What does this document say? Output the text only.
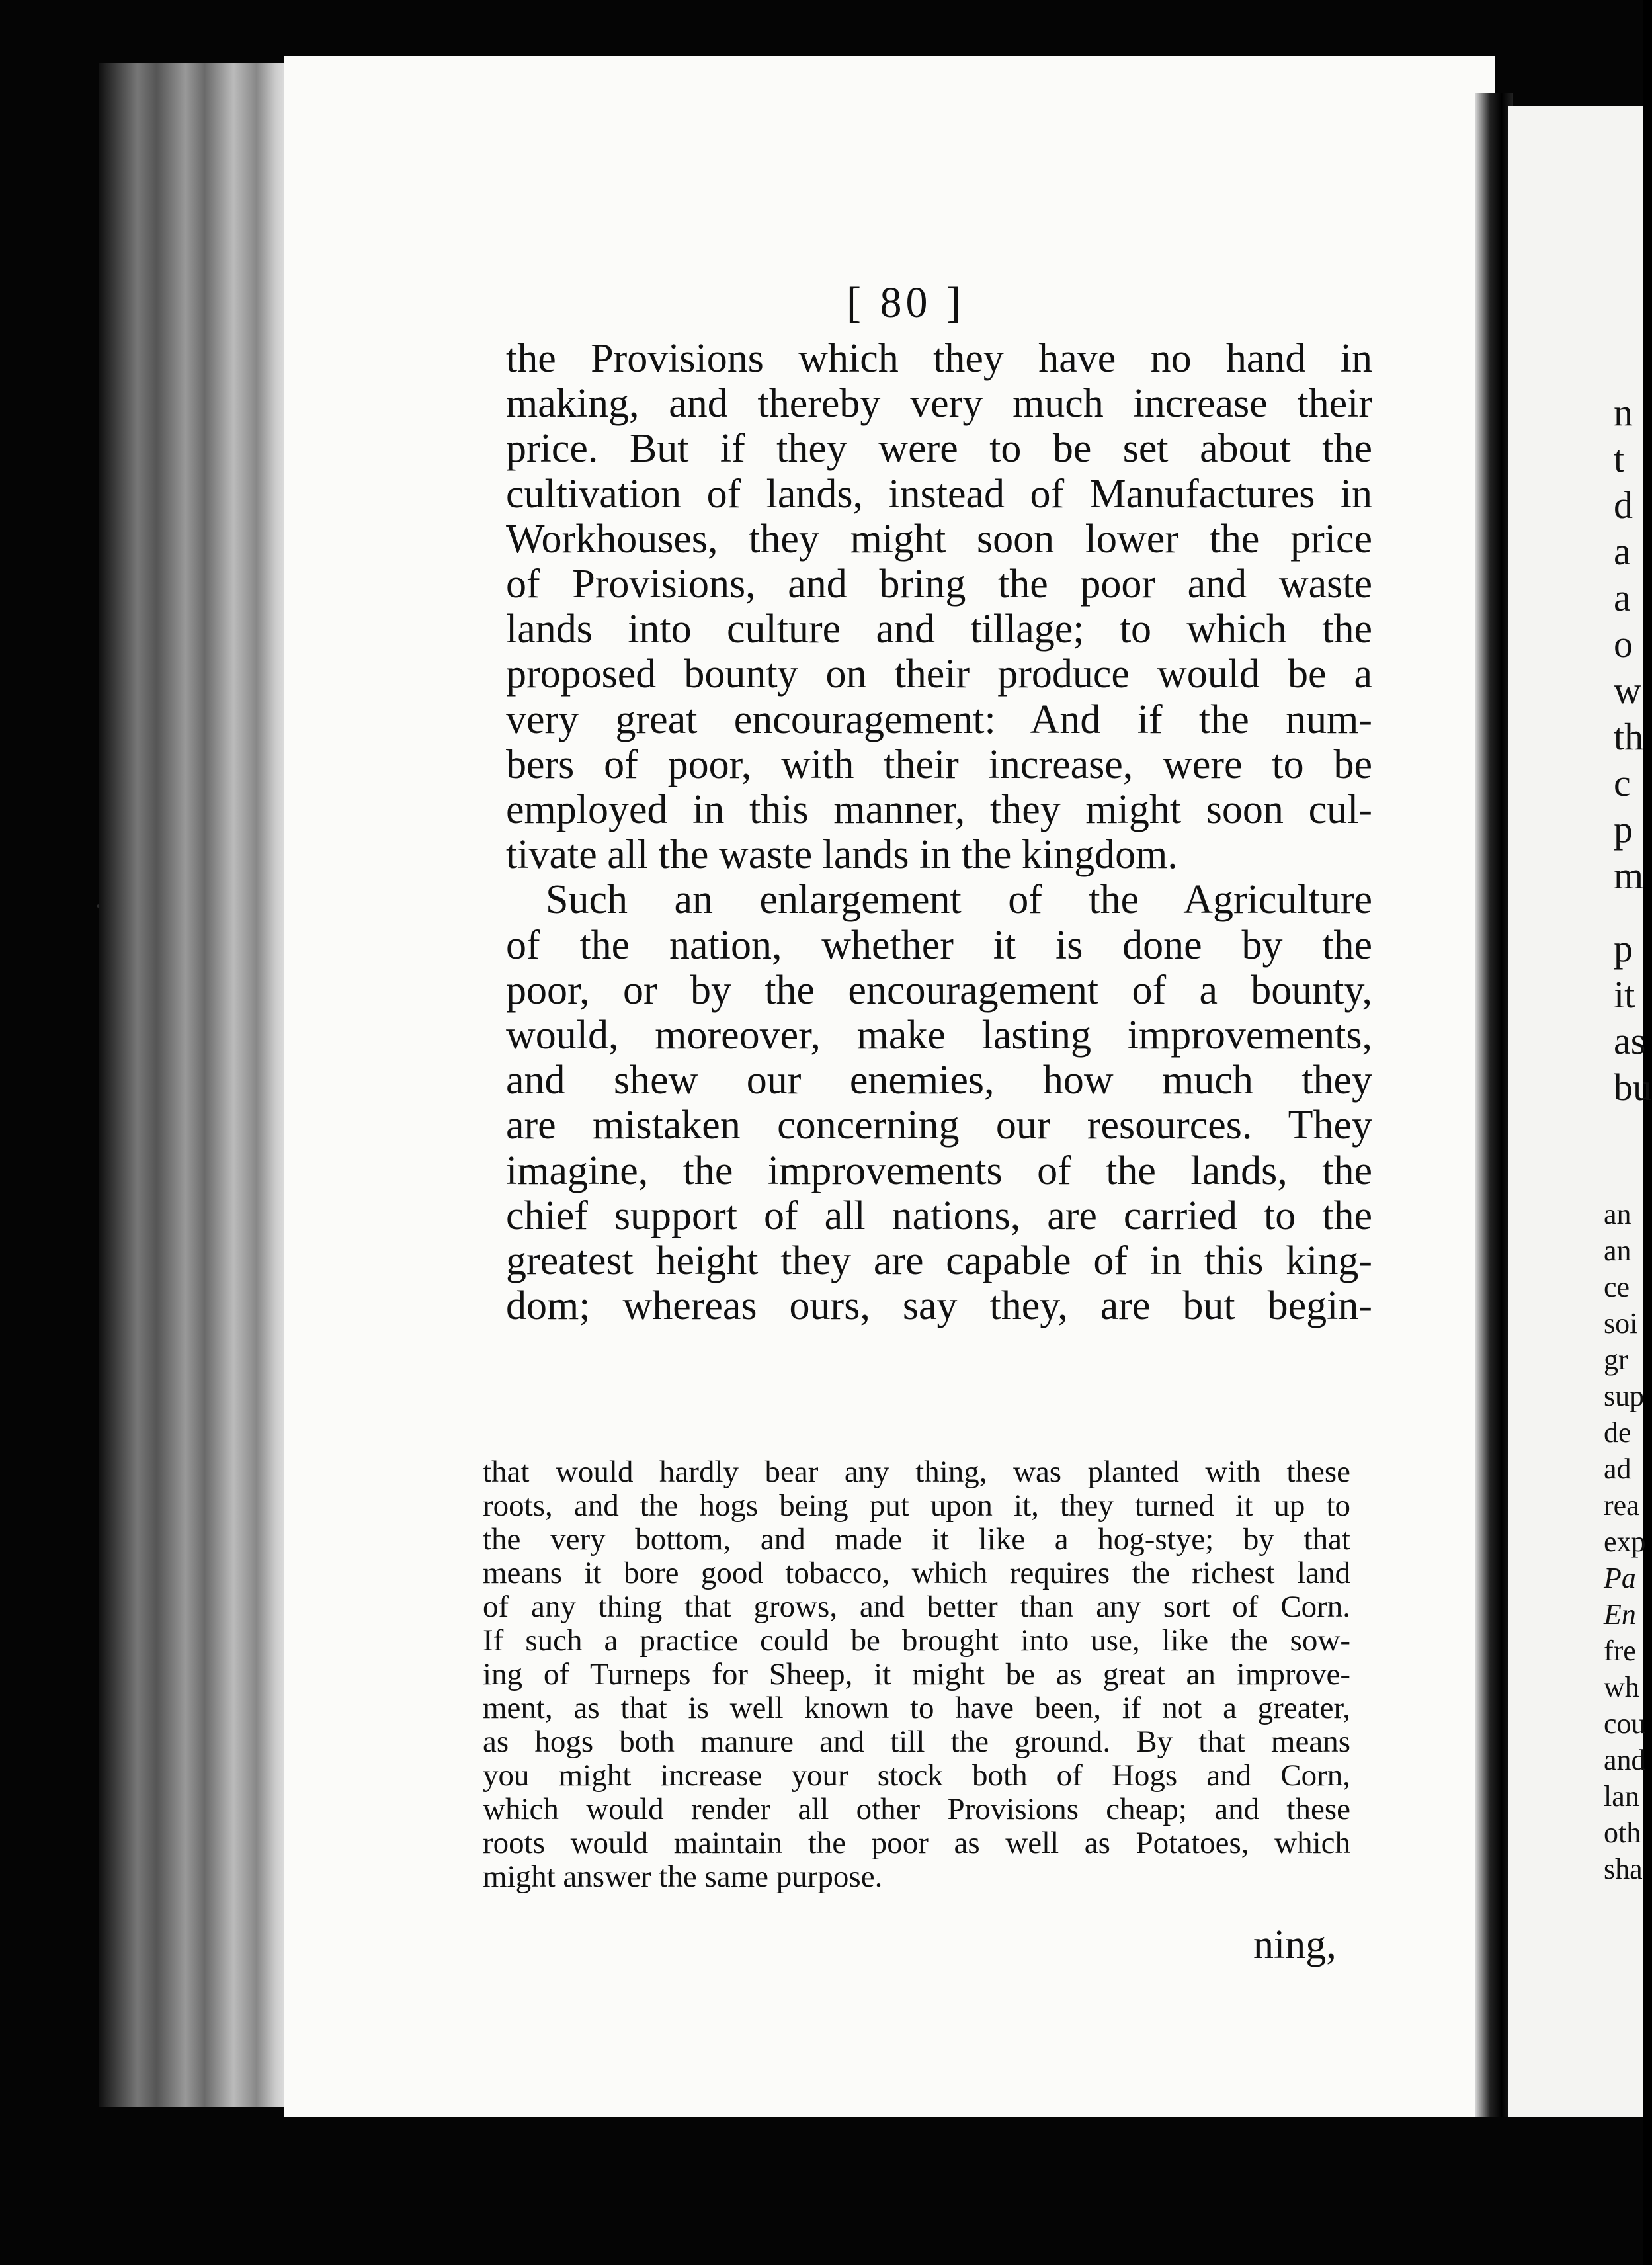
[ 80 ]
the Provisions which they have no hand in
making, and thereby very much increase their
price. But if they were to be set about the
cultivation of lands, instead of Manufactures in
Workhouses, they might soon lower the price
of Provisions, and bring the poor and waste
lands into culture and tillage; to which the
proposed bounty on their produce would be a
very great encouragement: And if the num-
bers of poor, with their increase, were to be
employed in this manner, they might soon cul-
tivate all the waste lands in the kingdom.
Such an enlargement of the Agriculture
of the nation, whether it is done by the
poor, or by the encouragement of a bounty,
would, moreover, make lasting improvements,
and shew our enemies, how much they
are mistaken concerning our resources. They
imagine, the improvements of the lands, the
chief support of all nations, are carried to the
greatest height they are capable of in this king-
dom; whereas ours, say they, are but begin-
that would hardly bear any thing, was planted with these
roots, and the hogs being put upon it, they turned it up to
the very bottom, and made it like a hog-stye; by that
means it bore good tobacco, which requires the richest land
of any thing that grows, and better than any sort of Corn.
If such a practice could be brought into use, like the sow-
ing of Turneps for Sheep, it might be as great an improve-
ment, as that is well known to have been, if not a greater,
as hogs both manure and till the ground. By that means
you might increase your stock both of Hogs and Corn,
which would render all other Provisions cheap; and these
roots would maintain the poor as well as Potatoes, which
might answer the same purpose.
ning,
n
t
d
a
a
o
w
th
c
p
m
p
it
as
bu
an
an
ce
soi
gr
sup
de
ad
rea
exp
Pa
En
fre
wh
cou
and
lan
oth
sha
